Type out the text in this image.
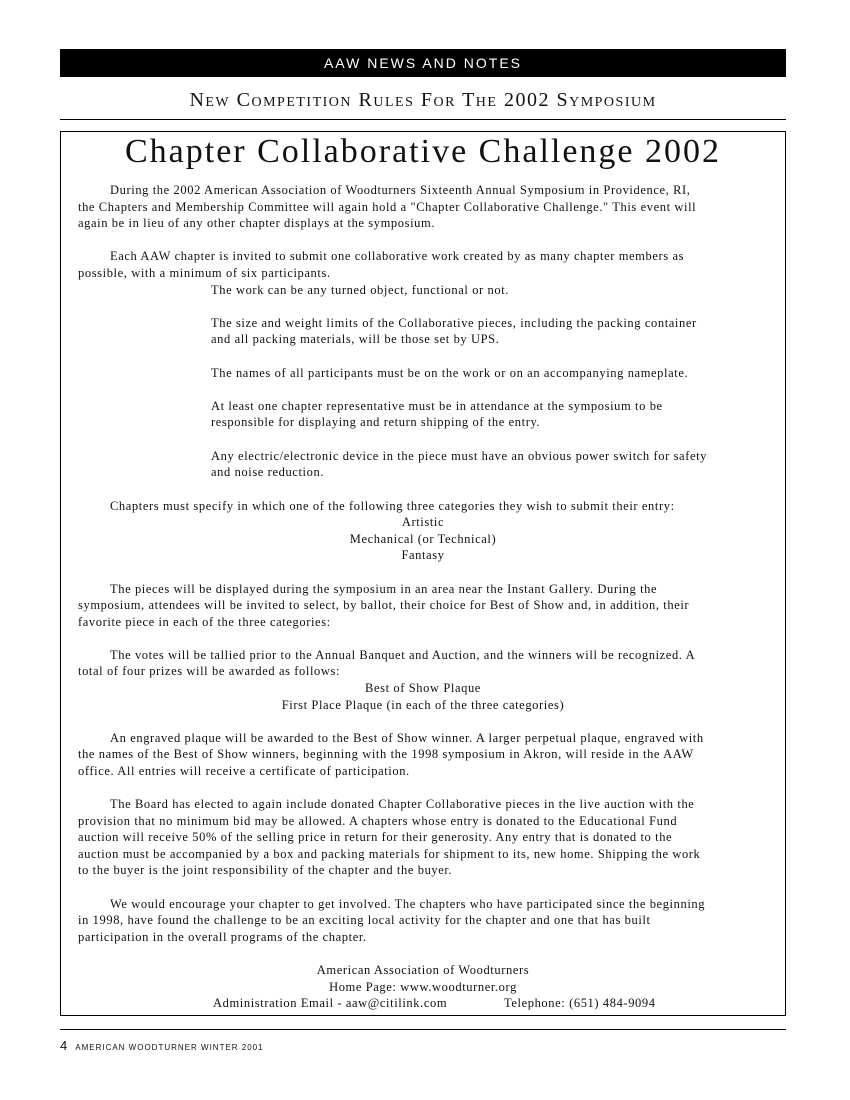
AAW NEWS AND NOTES
New Competition Rules For The 2002 Symposium
Chapter Collaborative Challenge 2002
During the 2002 American Association of Woodturners Sixteenth Annual Symposium in Providence, RI,
the Chapters and Membership Committee will again hold a "Chapter Collaborative Challenge." This event will
again be in lieu of any other chapter displays at the symposium.
Each AAW chapter is invited to submit one collaborative work created by as many chapter members as
possible, with a minimum of six participants.
The work can be any turned object, functional or not.
The size and weight limits of the Collaborative pieces, including the packing container
and all packing materials, will be those set by UPS.
The names of all participants must be on the work or on an accompanying nameplate.
At least one chapter representative must be in attendance at the symposium to be
responsible for displaying and return shipping of the entry.
Any electric/electronic device in the piece must have an obvious power switch for safety
and noise reduction.
Chapters must specify in which one of the following three categories they wish to submit their entry:
Artistic
Mechanical (or Technical)
Fantasy
The pieces will be displayed during the symposium in an area near the Instant Gallery. During the
symposium, attendees will be invited to select, by ballot, their choice for Best of Show and, in addition, their
favorite piece in each of the three categories:
The votes will be tallied prior to the Annual Banquet and Auction, and the winners will be recognized. A
total of four prizes will be awarded as follows:
Best of Show Plaque
First Place Plaque (in each of the three categories)
An engraved plaque will be awarded to the Best of Show winner. A larger perpetual plaque, engraved with
the names of the Best of Show winners, beginning with the 1998 symposium in Akron, will reside in the AAW
office. All entries will receive a certificate of participation.
The Board has elected to again include donated Chapter Collaborative pieces in the live auction with the
provision that no minimum bid may be allowed. A chapters whose entry is donated to the Educational Fund
auction will receive 50% of the selling price in return for their generosity. Any entry that is donated to the
auction must be accompanied by a box and packing materials for shipment to its, new home. Shipping the work
to the buyer is the joint responsibility of the chapter and the buyer.
We would encourage your chapter to get involved. The chapters who have participated since the beginning
in 1998, have found the challenge to be an exciting local activity for the chapter and one that has built
participation in the overall programs of the chapter.
American Association of Woodturners
Home Page: www.woodturner.org
Administration Email - aaw@citilink.com	Telephone: (651) 484-9094
4 AMERICAN WOODTURNER WINTER 2001
